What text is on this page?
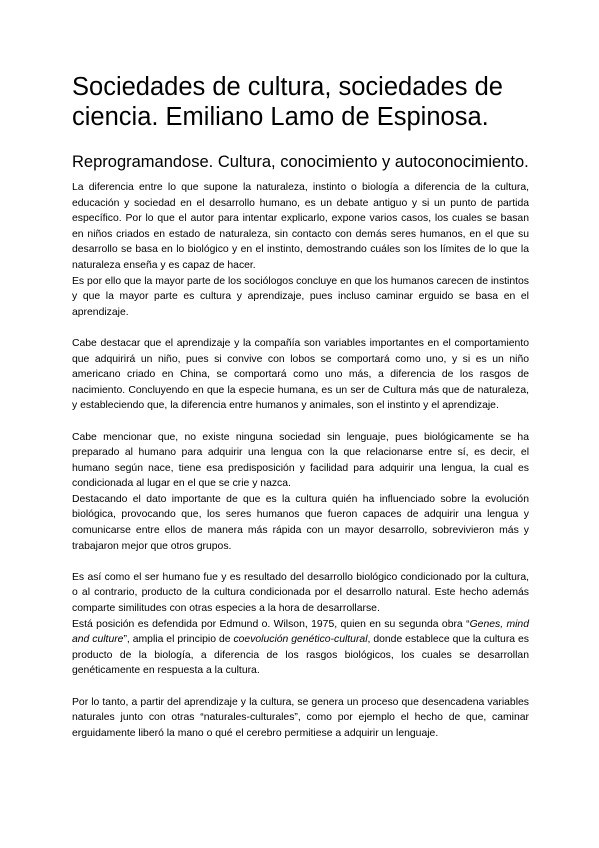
Sociedades de cultura, sociedades de ciencia. Emiliano Lamo de Espinosa.
Reprogramandose. Cultura, conocimiento y autoconocimiento.

La diferencia entre lo que supone la naturaleza, instinto o biología a diferencia de la cultura, educación y sociedad en el desarrollo humano, es un debate antiguo y si un punto de partida específico. Por lo que el autor para intentar explicarlo, expone varios casos, los cuales se basan en niños criados en estado de naturaleza, sin contacto con demás seres humanos, en el que su desarrollo se basa en lo biológico y en el instinto, demostrando cuáles son los límites de lo que la naturaleza enseña y es capaz de hacer.

Es por ello que la mayor parte de los sociólogos concluye en que los humanos carecen de instintos y que la mayor parte es cultura y aprendizaje, pues incluso caminar erguido se basa en el aprendizaje.

Cabe destacar que el aprendizaje y la compañía son variables importantes en el comportamiento que adquirirá un niño, pues si convive con lobos se comportará como uno, y si es un niño americano criado en China, se comportará como uno más, a diferencia de los rasgos de nacimiento. Concluyendo en que la especie humana, es un ser de Cultura más que de naturaleza, y estableciendo que, la diferencia entre humanos y animales, son el instinto y el aprendizaje.

Cabe mencionar que, no existe ninguna sociedad sin lenguaje, pues biológicamente se ha preparado al humano para adquirir una lengua con la que relacionarse entre sí, es decir, el humano según nace, tiene esa predisposición y facilidad para adquirir una lengua, la cual es condicionada al lugar en el que se crie y nazca.

Destacando el dato importante de que es la cultura quién ha influenciado sobre la evolución biológica, provocando que, los seres humanos que fueron capaces de adquirir una lengua y comunicarse entre ellos de manera más rápida con un mayor desarrollo, sobrevivieron más y trabajaron mejor que otros grupos.

Es así como el ser humano fue y es resultado del desarrollo biológico condicionado por la cultura, o al contrario, producto de la cultura condicionada por el desarrollo natural. Este hecho además comparte similitudes con otras especies a la hora de desarrollarse.

Está posición es defendida por Edmund o. Wilson, 1975, quien en su segunda obra “Genes, mind and culture”, amplia el principio de coevolución genético-cultural, donde establece que la cultura es producto de la biología, a diferencia de los rasgos biológicos, los cuales se desarrollan genéticamente en respuesta a la cultura.

Por lo tanto, a partir del aprendizaje y la cultura, se genera un proceso que desencadena variables naturales junto con otras “naturales-culturales”, como por ejemplo el hecho de que, caminar erguidamente liberó la mano o qué el cerebro permitiese a adquirir un lenguaje.
